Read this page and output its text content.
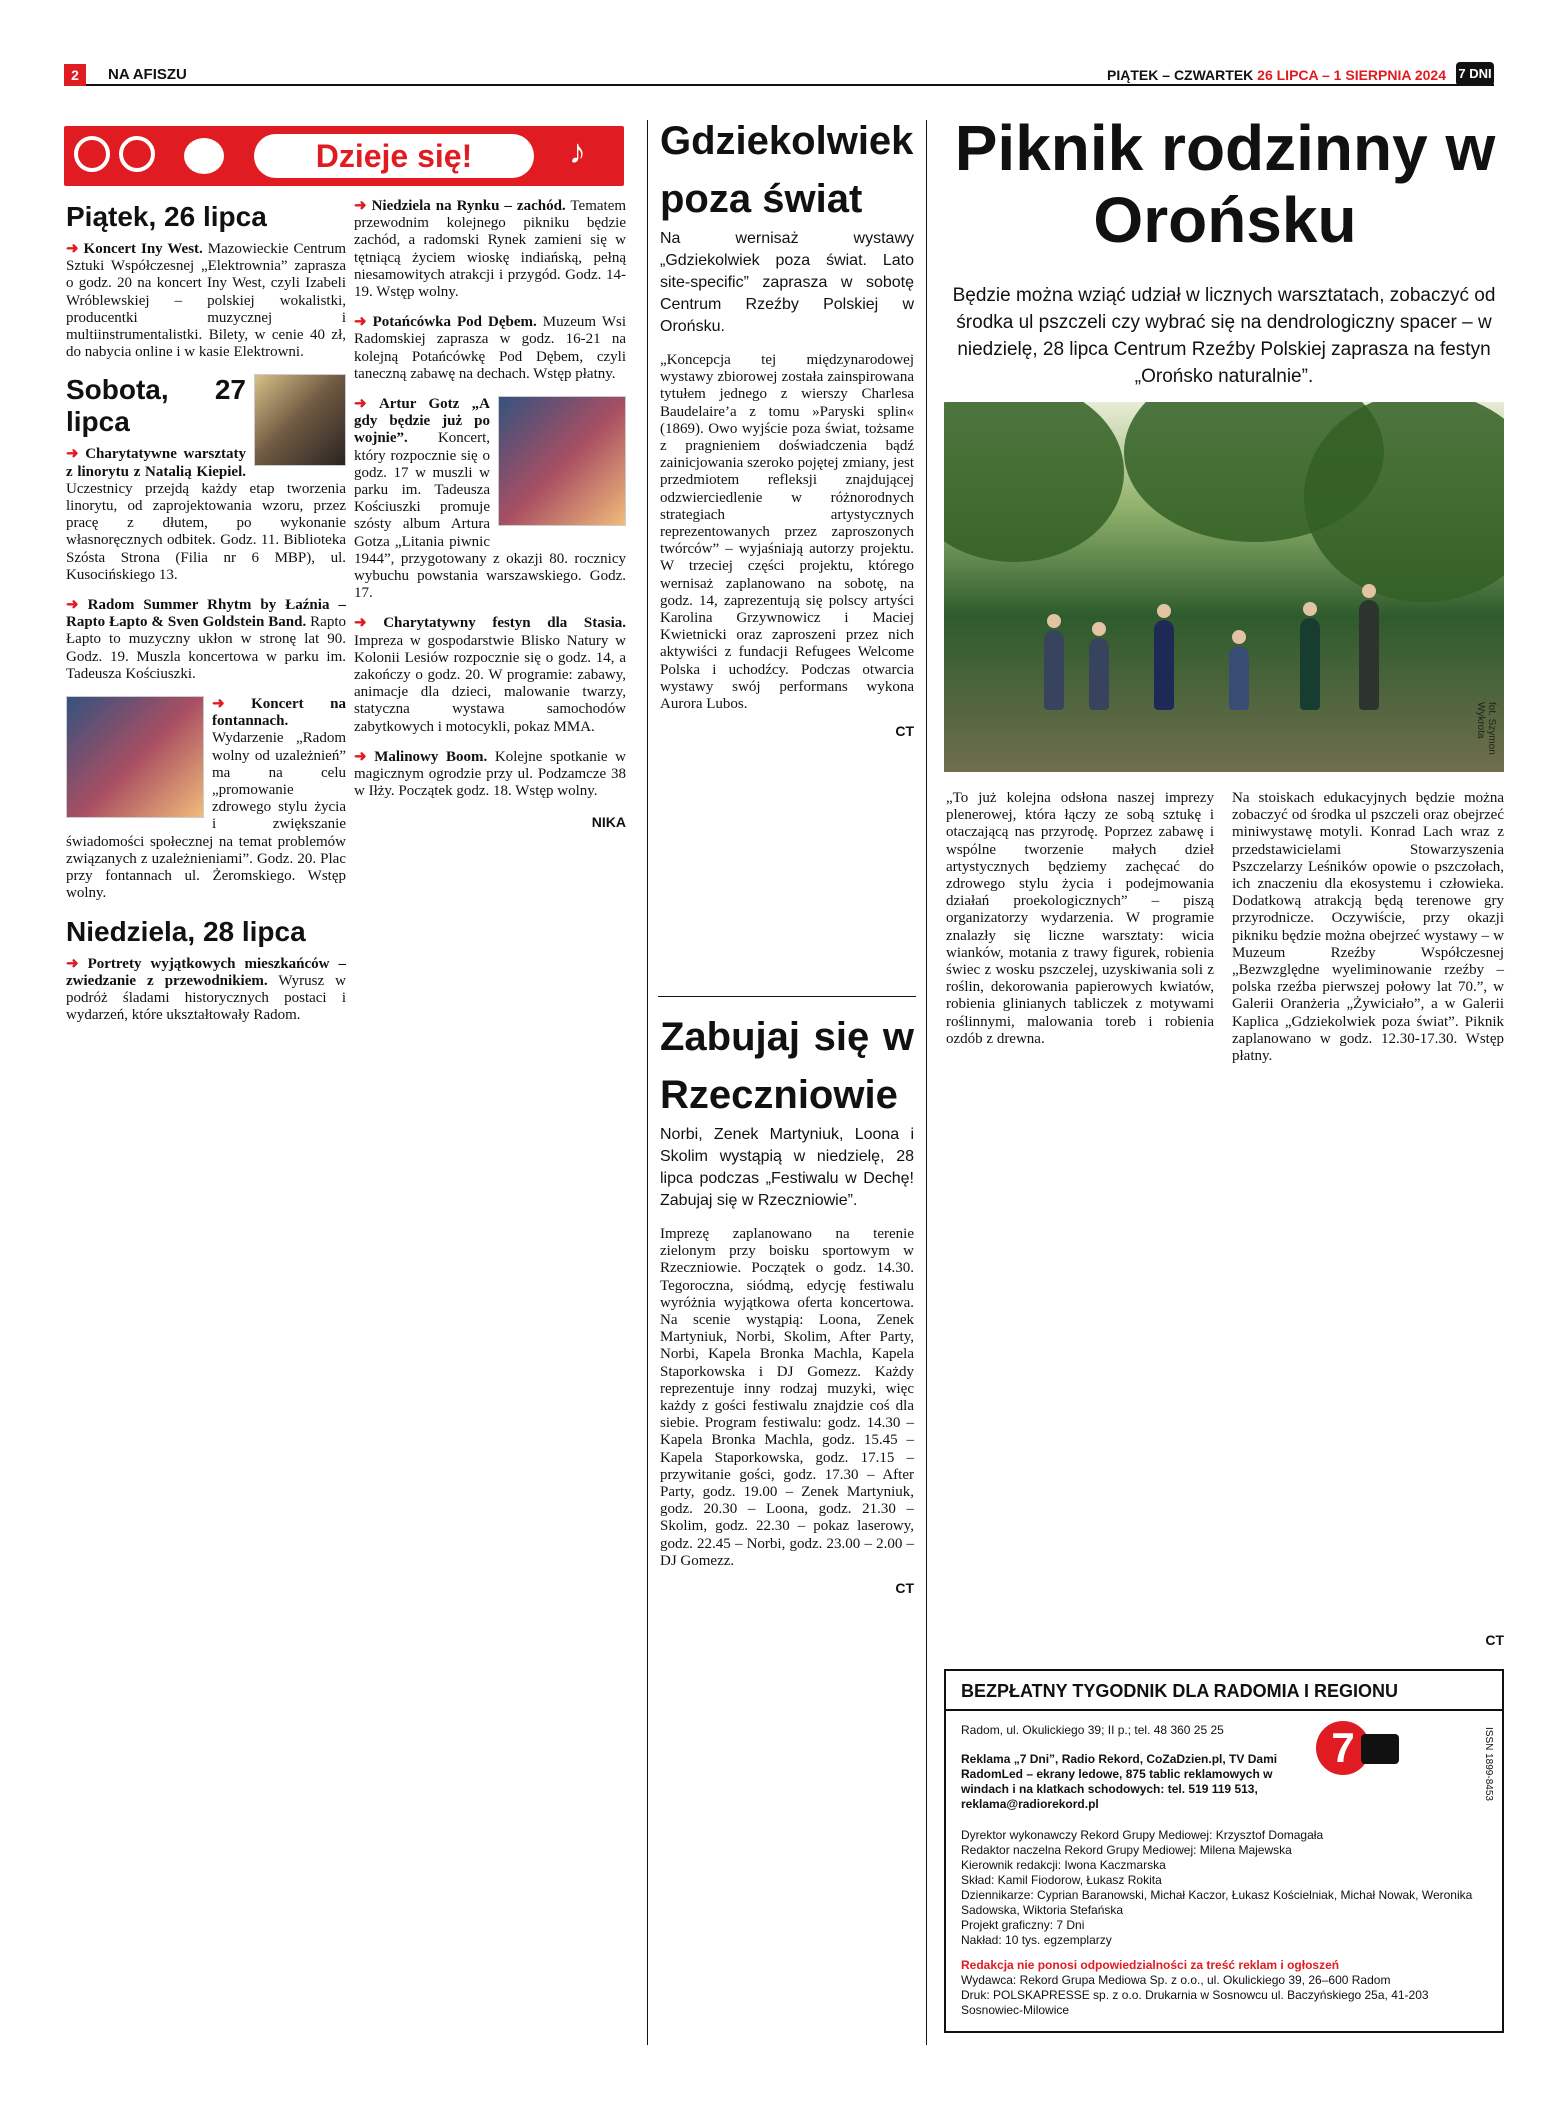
2	NA AFISZU	PIĄTEK – CZWARTEK 26 LIPCA – 1 SIERPNIA 2024 7 DNI
Dzieje się!	♪
Piątek, 26 lipca
➜ Koncert Iny West. Mazowieckie Centrum Sztuki Współczesnej „Elektrownia” zaprasza o godz. 20 na koncert Iny West, czyli Izabeli Wróblewskiej – polskiej wokalistki, producentki muzycznej i multiinstrumentalistki. Bilety, w cenie 40 zł, do nabycia online i w kasie Elektrowni.
Sobota, 27 lipca
➜ Charytatywne warsztaty z linorytu z Natalią Kiepiel. Uczestnicy przejdą każdy etap tworzenia linorytu, od zaprojektowania wzoru, przez pracę z dłutem, po wykonanie własnoręcznych odbitek. Godz. 11. Biblioteka Szósta Strona (Filia nr 6 MBP), ul. Kusocińskiego 13.
➜ Radom Summer Rhytm by Łaźnia – Rapto Łapto & Sven Goldstein Band. Rapto Łapto to muzyczny ukłon w stronę lat 90. Godz. 19. Muszla koncertowa w parku im. Tadeusza Kościuszki.
➜ Koncert na fontannach. Wydarzenie „Radom wolny od uzależnień” ma na celu „promowanie zdrowego stylu życia i zwiększanie świadomości społecznej na temat problemów związanych z uzależnieniami”. Godz. 20. Plac przy fontannach ul. Żeromskiego. Wstęp wolny.
Niedziela, 28 lipca
➜ Portrety wyjątkowych mieszkańców – zwiedzanie z przewodnikiem. Wyrusz w podróż śladami historycznych postaci i wydarzeń, które ukształtowały Radom.
➜ Niedziela na Rynku – zachód. Tematem przewodnim kolejnego pikniku będzie zachód, a radomski Rynek zamieni się w tętniącą życiem wioskę indiańską, pełną niesamowitych atrakcji i przygód. Godz. 14-19. Wstęp wolny.
➜ Potańcówka Pod Dębem. Muzeum Wsi Radomskiej zaprasza w godz. 16-21 na kolejną Potańcówkę Pod Dębem, czyli taneczną zabawę na dechach. Wstęp płatny.
➜ Artur Gotz „A gdy będzie już po wojnie”. Koncert, który rozpocznie się o godz. 17 w muszli w parku im. Tadeusza Kościuszki promuje szósty album Artura Gotza „Litania piwnic 1944”, przygotowany z okazji 80. rocznicy wybuchu powstania warszawskiego. Godz. 17.
➜ Charytatywny festyn dla Stasia. Impreza w gospodarstwie Blisko Natury w Kolonii Lesiów rozpocznie się o godz. 14, a zakończy o godz. 20. W programie: zabawy, animacje dla dzieci, malowanie twarzy, statyczna wystawa samochodów zabytkowych i motocykli, pokaz MMA.
➜ Malinowy Boom. Kolejne spotkanie w magicznym ogrodzie przy ul. Podzamcze 38 w Iłży. Początek godz. 18. Wstęp wolny.
NIKA
Gdziekolwiek poza świat
Na wernisaż wystawy „Gdziekolwiek poza świat. Lato site-specific” zaprasza w sobotę Centrum Rzeźby Polskiej w Orońsku.
„Koncepcja tej międzynarodowej wystawy zbiorowej została zainspirowana tytułem jednego z wierszy Charlesa Baudelaire’a z tomu »Paryski splin« (1869). Owo wyjście poza świat, tożsame z pragnieniem doświadczenia bądź zainicjowania szeroko pojętej zmiany, jest przedmiotem refleksji znajdującej odzwierciedlenie w różnorodnych strategiach artystycznych reprezentowanych przez zaproszonych twórców” – wyjaśniają autorzy projektu. W trzeciej części projektu, którego wernisaż zaplanowano na sobotę, na godz. 14, zaprezentują się polscy artyści Karolina Grzywnowicz i Maciej Kwietnicki oraz zaproszeni przez nich aktywiści z fundacji Refugees Welcome Polska i uchodźcy. Podczas otwarcia wystawy swój performans wykona Aurora Lubos.
CT
Zabujaj się w Rzeczniowie
Norbi, Zenek Martyniuk, Loona i Skolim wystąpią w niedzielę, 28 lipca podczas „Festiwalu w Dechę! Zabujaj się w Rzeczniowie”.
Imprezę zaplanowano na terenie zielonym przy boisku sportowym w Rzeczniowie. Początek o godz. 14.30. Tegoroczna, siódmą, edycję festiwalu wyróżnia wyjątkowa oferta koncertowa. Na scenie wystąpią: Loona, Zenek Martyniuk, Norbi, Skolim, After Party, Norbi, Kapela Bronka Machla, Kapela Staporkowska i DJ Gomezz. Każdy reprezentuje inny rodzaj muzyki, więc każdy z gości festiwalu znajdzie coś dla siebie. Program festiwalu: godz. 14.30 – Kapela Bronka Machla, godz. 15.45 – Kapela Staporkowska, godz. 17.15 – przywitanie gości, godz. 17.30 – After Party, godz. 19.00 – Zenek Martyniuk, godz. 20.30 – Loona, godz. 21.30 – Skolim, godz. 22.30 – pokaz laserowy, godz. 22.45 – Norbi, godz. 23.00 – 2.00 – DJ Gomezz.
CT
Piknik rodzinny w Orońsku
Będzie można wziąć udział w licznych warsztatach, zobaczyć od środka ul pszczeli czy wybrać się na dendrologiczny spacer – w niedzielę, 28 lipca Centrum Rzeźby Polskiej zaprasza na festyn „Orońsko naturalnie”.
fot. Szymon Wykrota
„To już kolejna odsłona naszej imprezy plenerowej, która łączy ze sobą sztukę i otaczającą nas przyrodę. Poprzez zabawę i wspólne tworzenie małych dzieł artystycznych będziemy zachęcać do zdrowego stylu życia i podejmowania działań proekologicznych” – piszą organizatorzy wydarzenia. W programie znalazły się liczne warsztaty: wicia wianków, motania z trawy figurek, robienia świec z wosku pszczelej, uzyskiwania soli z roślin, dekorowania papierowych kwiatów, robienia glinianych tabliczek z motywami roślinnymi, malowania toreb i robienia ozdób z drewna.
Na stoiskach edukacyjnych będzie można zobaczyć od środka ul pszczeli oraz obejrzeć miniwystawę motyli. Konrad Lach wraz z przedstawicielami Stowarzyszenia Pszczelarzy Leśników opowie o pszczołach, ich znaczeniu dla ekosystemu i człowieka. Dodatkową atrakcją będą terenowe gry przyrodnicze. Oczywiście, przy okazji pikniku będzie można obejrzeć wystawy – w Muzeum Rzeźby Współczesnej „Bezwzględne wyeliminowanie rzeźby – polska rzeźba pierwszej połowy lat 70.”, w Galerii Oranżeria „Żywiciało”, a w Galerii Kaplica „Gdziekolwiek poza świat”. Piknik zaplanowano w godz. 12.30-17.30. Wstęp płatny.
CT
BEZPŁATNY TYGODNIK DLA RADOMIA I REGIONU
7	ISSN 1899-8453
Radom, ul. Okulickiego 39; II p.; tel. 48 360 25 25
Reklama „7 Dni”, Radio Rekord, CoZaDzien.pl, TV Dami RadomLed – ekrany ledowe, 875 tablic reklamowych w windach i na klatkach schodowych: tel. 519 119 513, reklama@radiorekord.pl
Dyrektor wykonawczy Rekord Grupy Mediowej: Krzysztof Domagała
Redaktor naczelna Rekord Grupy Mediowej: Milena Majewska
Kierownik redakcji: Iwona Kaczmarska
Skład: Kamil Fiodorow, Łukasz Rokita
Dziennikarze: Cyprian Baranowski, Michał Kaczor, Łukasz Kościelniak, Michał Nowak, Weronika Sadowska, Wiktoria Stefańska
Projekt graficzny: 7 Dni
Nakład: 10 tys. egzemplarzy
Redakcja nie ponosi odpowiedzialności za treść reklam i ogłoszeń
Wydawca: Rekord Grupa Mediowa Sp. z o.o., ul. Okulickiego 39, 26–600 Radom
Druk: POLSKAPRESSE sp. z o.o. Drukarnia w Sosnowcu ul. Baczyńskiego 25a, 41-203 Sosnowiec-Milowice
